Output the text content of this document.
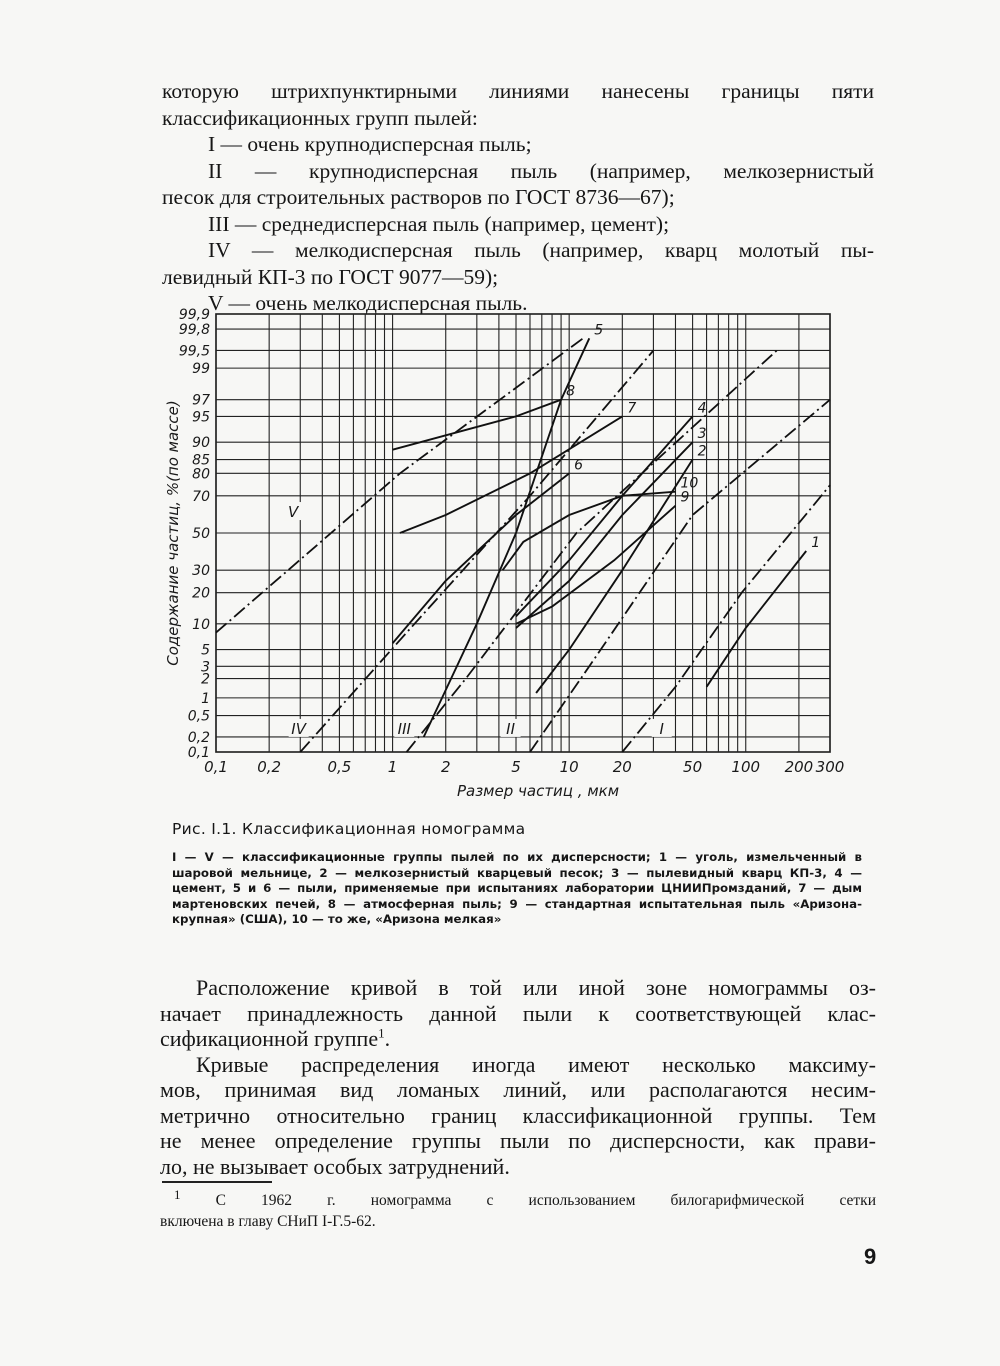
которую штрихпунктирными линиями нанесены границы пяти

классификационных групп пылей:

I — очень крупнодисперсная пыль;

II — крупнодисперсная пыль (например, мелкозернистый

песок для строительных растворов по ГОСТ 8736—67);

III — среднедисперсная пыль (например, цемент);

IV — мелкодисперсная пыль (например, кварц молотый пы-

левидный КП-3 по ГОСТ 9077—59);

V — очень мелкодисперсная пыль.

0,1 0,2	0,5 1	2	5	10 20	50 100 200 300
0,1
0,2
0,5
1
2
3
5
10
20
30
50
70
80
85
90
95
97
99
99,5
99,8
99,9
Размер частиц , мкм
Содержание частиц, %(по массе)	1
2
3
4
5
6
7
8
9
10
V
IV	III	II	I

Рис. I.1. Классификационная номограмма

I — V — классификационные группы пылей по их дисперсности; 1 — уголь, измельченный в шаровой мельнице, 2 — мелкозернистый кварцевый песок; 3 — пылевидный кварц КП-3, 4 — цемент, 5 и 6 — пыли, применяемые при испытаниях лаборатории ЦНИИПромзданий, 7 — дым мартеновских печей, 8 — атмосферная пыль; 9 — стандартная испытательная пыль «Аризона-крупная» (США), 10 — то же, «Аризона мелкая»

Расположение кривой в той или иной зоне номограммы оз-

начает принадлежность данной пыли к соответствующей клас-

сификационной группе$^1$.

Кривые распределения иногда имеют несколько максиму-

мов, принимая вид ломаных линий, или располагаются несим-

метрично относительно границ классификационной группы. Тем

не менее определение группы пыли по дисперсности, как прави-

ло, не вызывает особых затруднений.

$^1$ С 1962 г. номограмма с использованием билогарифмической сетки

включена в главу СНиП I-Г.5-62.

9
